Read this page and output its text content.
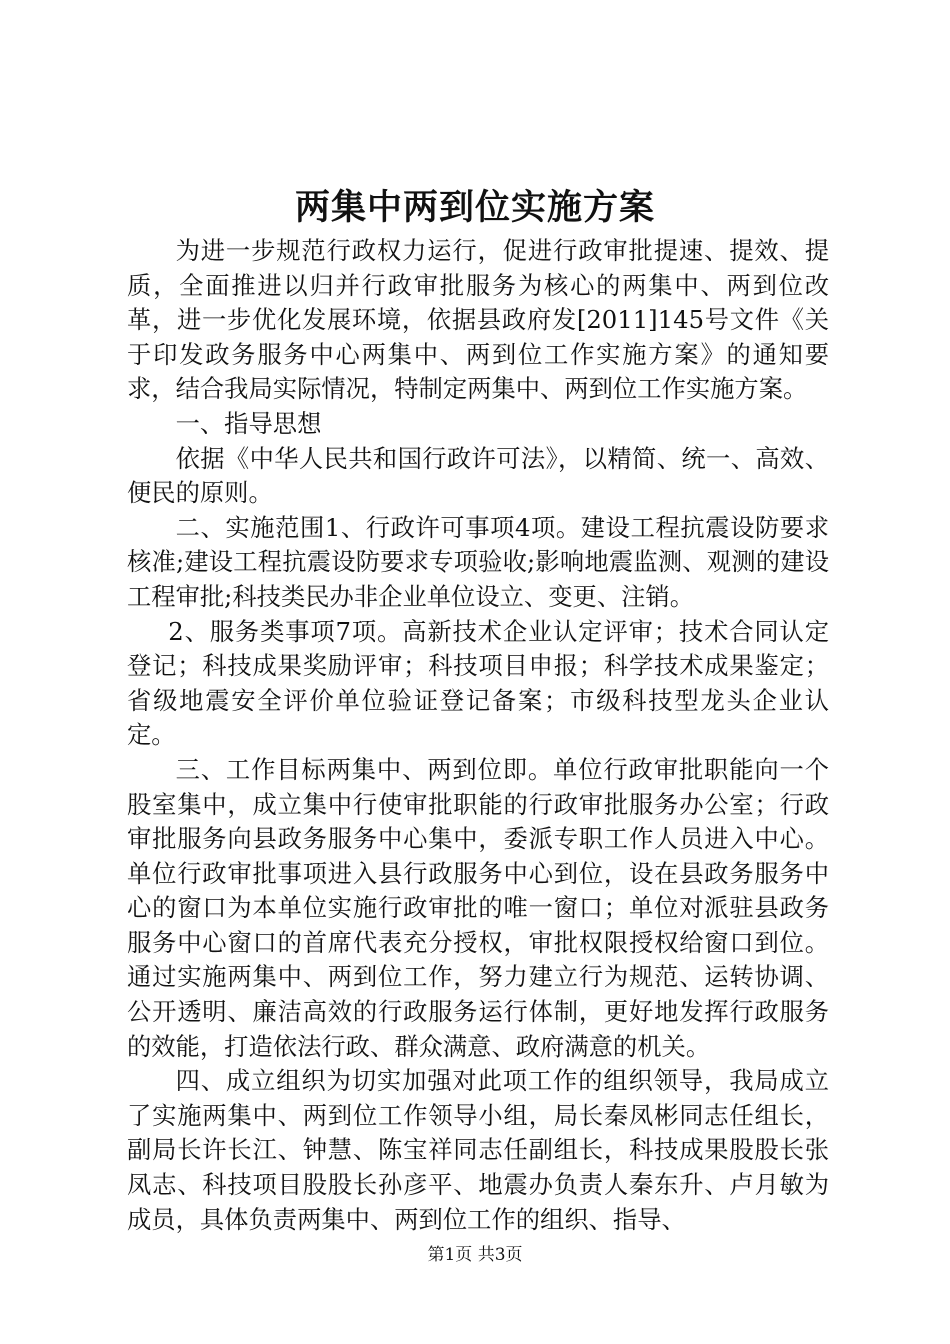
两集中两到位实施方案

为进一步规范行政权力运行，促进行政审批提速、提效、提质，全面推进以归并行政审批服务为核心的两集中、两到位改革，进一步优化发展环境，依据县政府发[2011]145号文件《关于印发政务服务中心两集中、两到位工作实施方案》的通知要求，结合我局实际情况，特制定两集中、两到位工作实施方案。

一、指导思想

依据《中华人民共和国行政许可法》，以精简、统一、高效、便民的原则。

二、实施范围1、行政许可事项4项。建设工程抗震设防要求核准;建设工程抗震设防要求专项验收;影响地震监测、观测的建设工程审批;科技类民办非企业单位设立、变更、注销。

2、服务类事项7项。高新技术企业认定评审；技术合同认定登记；科技成果奖励评审；科技项目申报；科学技术成果鉴定；省级地震安全评价单位验证登记备案；市级科技型龙头企业认定。

三、工作目标两集中、两到位即。单位行政审批职能向一个股室集中，成立集中行使审批职能的行政审批服务办公室；行政审批服务向县政务服务中心集中，委派专职工作人员进入中心。单位行政审批事项进入县行政服务中心到位，设在县政务服务中心的窗口为本单位实施行政审批的唯一窗口；单位对派驻县政务服务中心窗口的首席代表充分授权，审批权限授权给窗口到位。通过实施两集中、两到位工作，努力建立行为规范、运转协调、公开透明、廉洁高效的行政服务运行体制，更好地发挥行政服务的效能，打造依法行政、群众满意、政府满意的机关。

四、成立组织为切实加强对此项工作的组织领导，我局成立了实施两集中、两到位工作领导小组，局长秦凤彬同志任组长，副局长许长江、钟慧、陈宝祥同志任副组长，科技成果股股长张凤志、科技项目股股长孙彦平、地震办负责人秦东升、卢月敏为成员，具体负责两集中、两到位工作的组织、指导、

第1页 共3页
